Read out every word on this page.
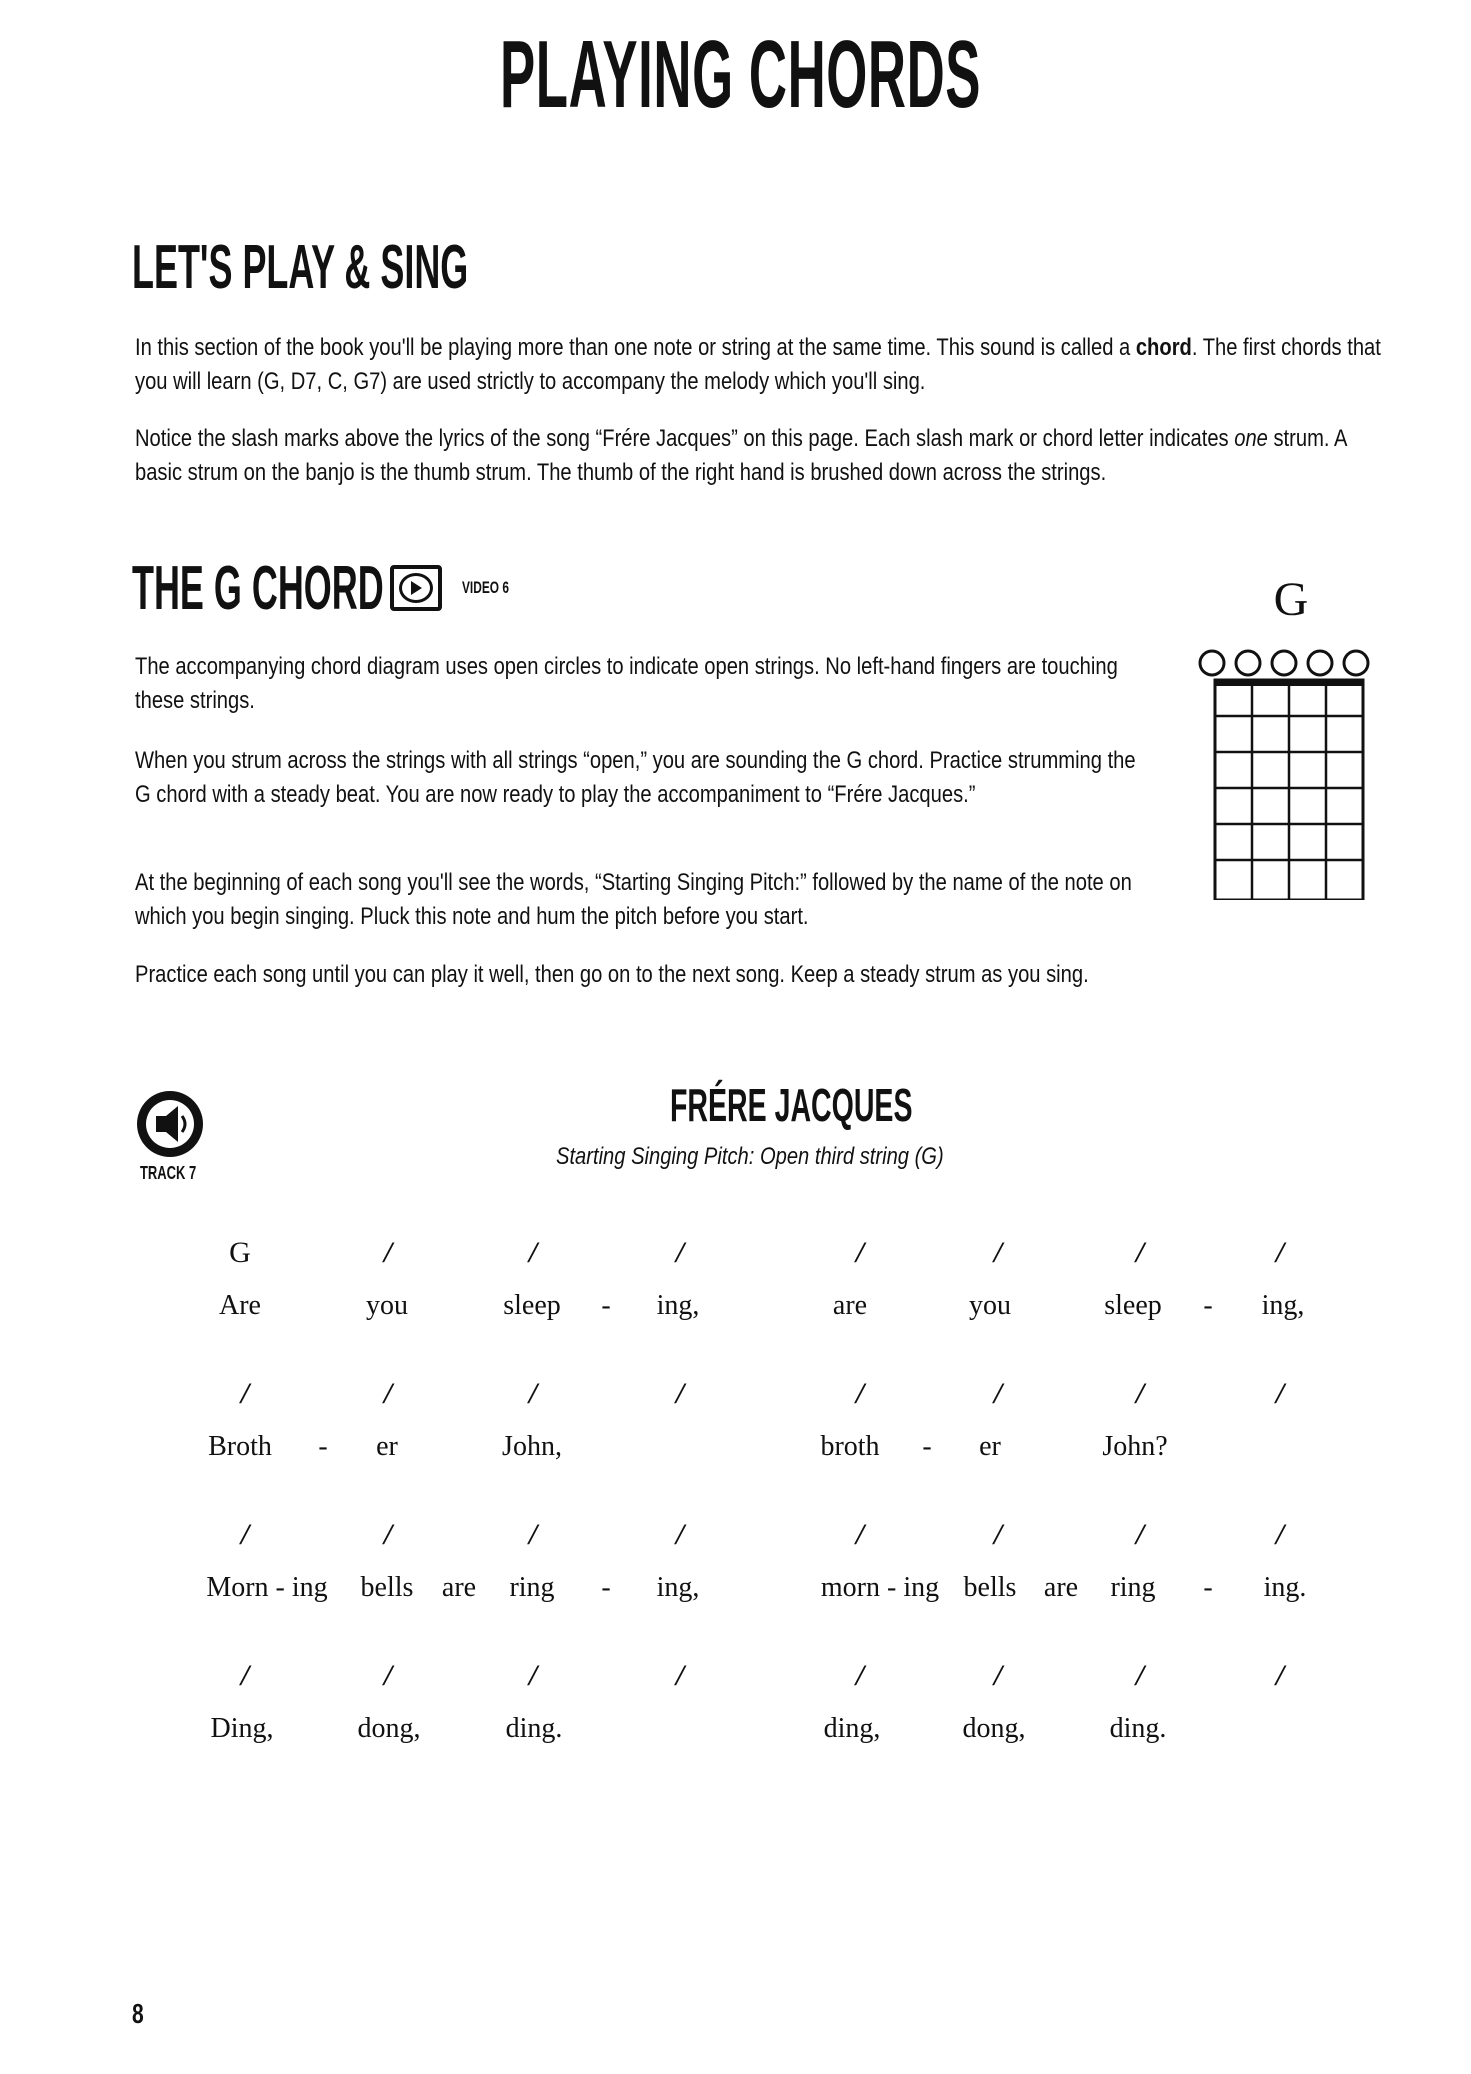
PLAYING CHORDS
LET'S PLAY & SING
In this section of the book you'll be playing more than one note or string at the same time. This sound is called a chord. The first chords that you will learn (G, D7, C, G7) are used strictly to accompany the melody which you'll sing.
Notice the slash marks above the lyrics of the song “Frére Jacques” on this page. Each slash mark or chord letter indicates one strum. A basic strum on the banjo is the thumb strum. The thumb of the right hand is brushed down across the strings.
THE G CHORD	VIDEO 6
The accompanying chord diagram uses open circles to indicate open strings. No left-hand fingers are touching these strings.
When you strum across the strings with all strings “open,” you are sounding the G chord. Practice strumming the G chord with a steady beat. You are now ready to play the accompaniment to “Frére Jacques.”
At the beginning of each song you'll see the words, “Starting Singing Pitch:” followed by the name of the note on which you begin singing. Pluck this note and hum the pitch before you start.
Practice each song until you can play it well, then go on to the next song. Keep a steady strum as you sing.
G
TRACK 7
FRÉRE JACQUES
Starting Singing Pitch: Open third string (G)
G	/	/	/	/	/	/	/
Are	you	sleep - ing,	are	you	sleep - ing,
/	/	/	/	/	/	/	/
Broth - er	John,	broth - er	John?
/	/	/	/	/	/	/	/
Morn - ing bells are ring - ing,	morn - ing bells are ring - ing.
/	/	/	/	/	/	/	/
Ding,	dong,	ding.	ding,	dong,	ding.
8
